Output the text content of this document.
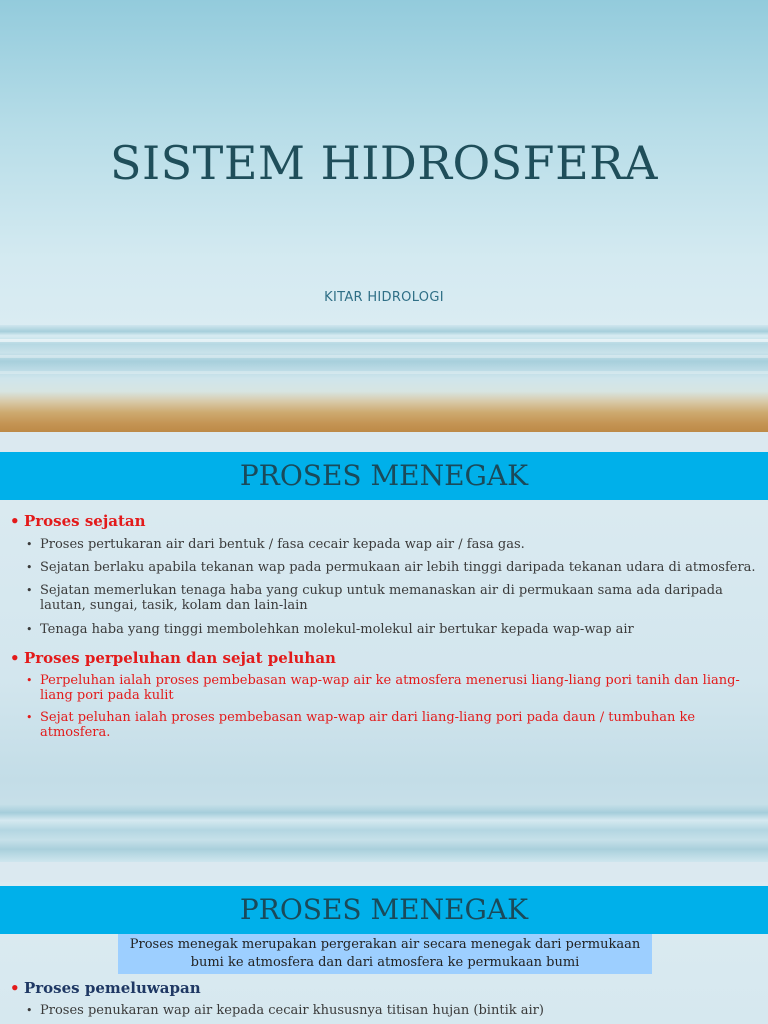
SISTEM HIDROSFERA
KITAR HIDROLOGI
PROSES MENEGAK

• Proses sejatan

• Proses pertukaran air dari bentuk / fasa cecair kepada wap air / fasa gas.

• Sejatan berlaku apabila tekanan wap pada permukaan air lebih tinggi daripada tekanan udara di atmosfera.

• Sejatan memerlukan tenaga haba yang cukup untuk memanaskan air di permukaan sama ada daripada lautan, sungai, tasik, kolam dan lain-lain

• Tenaga haba yang tinggi membolehkan molekul-molekul air bertukar kepada wap-wap air

• Proses perpeluhan dan sejat peluhan

• Perpeluhan ialah proses pembebasan wap-wap air ke atmosfera menerusi liang-liang pori tanih dan liang-liang pori pada kulit

• Sejat peluhan ialah proses pembebasan wap-wap air dari liang-liang pori pada daun / tumbuhan ke atmosfera.

PROSES MENEGAK
Proses menegak merupakan pergerakan air secara menegak dari permukaan bumi ke atmosfera dan dari atmosfera ke permukaan bumi

• Proses pemeluwapan

• Proses penukaran wap air kepada cecair khususnya titisan hujan (bintik air)
